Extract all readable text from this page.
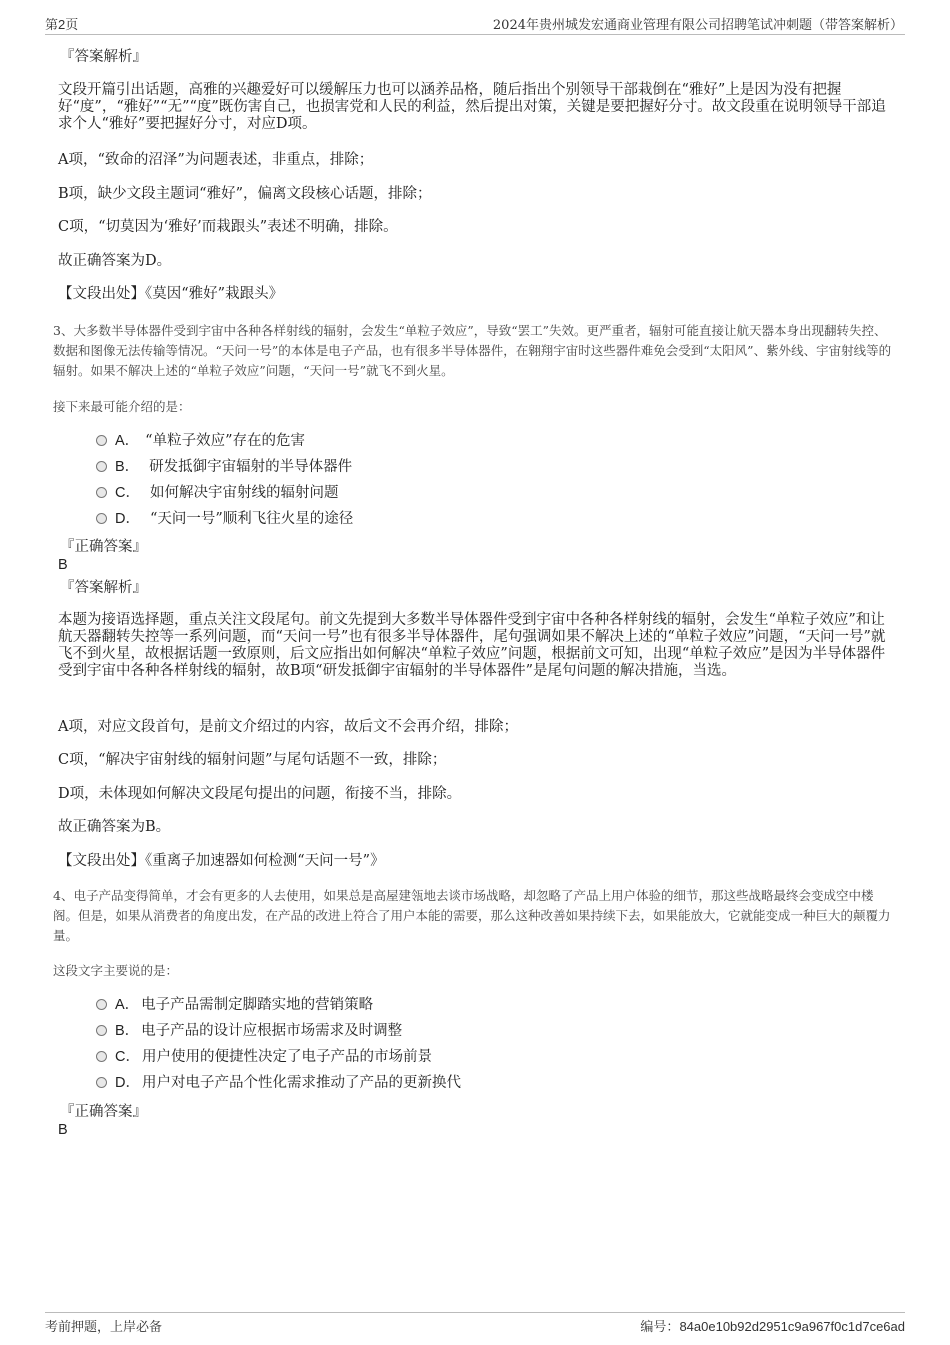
第2页	2024年贵州城发宏通商业管理有限公司招聘笔试冲刺题（带答案解析）
『答案解析』
文段开篇引出话题，高雅的兴趣爱好可以缓解压力也可以涵养品格，随后指出个别领导干部栽倒在“雅好”上是因为没有把握好“度”，“雅好”“无”“度”既伤害自己，也损害党和人民的利益，然后提出对策，关键是要把握好分寸。故文段重在说明领导干部追求个人“雅好”要把握好分寸，对应D项。
A项，“致命的沼泽”为问题表述，非重点，排除；
B项，缺少文段主题词“雅好”，偏离文段核心话题，排除；
C项，“切莫因为‘雅好’而栽跟头”表述不明确，排除。
故正确答案为D。
【文段出处】《莫因“雅好”栽跟头》
3、大多数半导体器件受到宇宙中各种各样射线的辐射，会发生“单粒子效应”，导致“罢工”失效。更严重者，辐射可能直接让航天器本身出现翻转失控、数据和图像无法传输等情况。“天问一号”的本体是电子产品，也有很多半导体器件，在翱翔宇宙时这些器件难免会受到“太阳风”、紫外线、宇宙射线等的辐射。如果不解决上述的“单粒子效应”问题，“天问一号”就飞不到火星。
接下来最可能介绍的是：
A． “单粒子效应”存在的危害
B． 研发抵御宇宙辐射的半导体器件
C． 如何解决宇宙射线的辐射问题
D． “天问一号”顺利飞往火星的途径
『正确答案』
B
『答案解析』
本题为接语选择题，重点关注文段尾句。前文先提到大多数半导体器件受到宇宙中各种各样射线的辐射，会发生“单粒子效应”和让航天器翻转失控等一系列问题，而“天问一号”也有很多半导体器件，尾句强调如果不解决上述的“单粒子效应”问题，“天问一号”就飞不到火星，故根据话题一致原则，后文应指出如何解决“单粒子效应”问题，根据前文可知，出现“单粒子效应”是因为半导体器件受到宇宙中各种各样射线的辐射，故B项“研发抵御宇宙辐射的半导体器件”是尾句问题的解决措施，当选。
A项，对应文段首句，是前文介绍过的内容，故后文不会再介绍，排除；
C项，“解决宇宙射线的辐射问题”与尾句话题不一致，排除；
D项，未体现如何解决文段尾句提出的问题，衔接不当，排除。
故正确答案为B。
【文段出处】《重离子加速器如何检测“天问一号”》
4、电子产品变得简单，才会有更多的人去使用，如果总是高屋建瓴地去谈市场战略，却忽略了产品上用户体验的细节，那这些战略最终会变成空中楼阁。但是，如果从消费者的角度出发，在产品的改进上符合了用户本能的需要，那么这种改善如果持续下去，如果能放大，它就能变成一种巨大的颠覆力量。
这段文字主要说的是：
A． 电子产品需制定脚踏实地的营销策略
B． 电子产品的设计应根据市场需求及时调整
C． 用户使用的便捷性决定了电子产品的市场前景
D． 用户对电子产品个性化需求推动了产品的更新换代
『正确答案』
B
考前押题，上岸必备	编号：84a0e10b92d2951c9a967f0c1d7ce6ad
